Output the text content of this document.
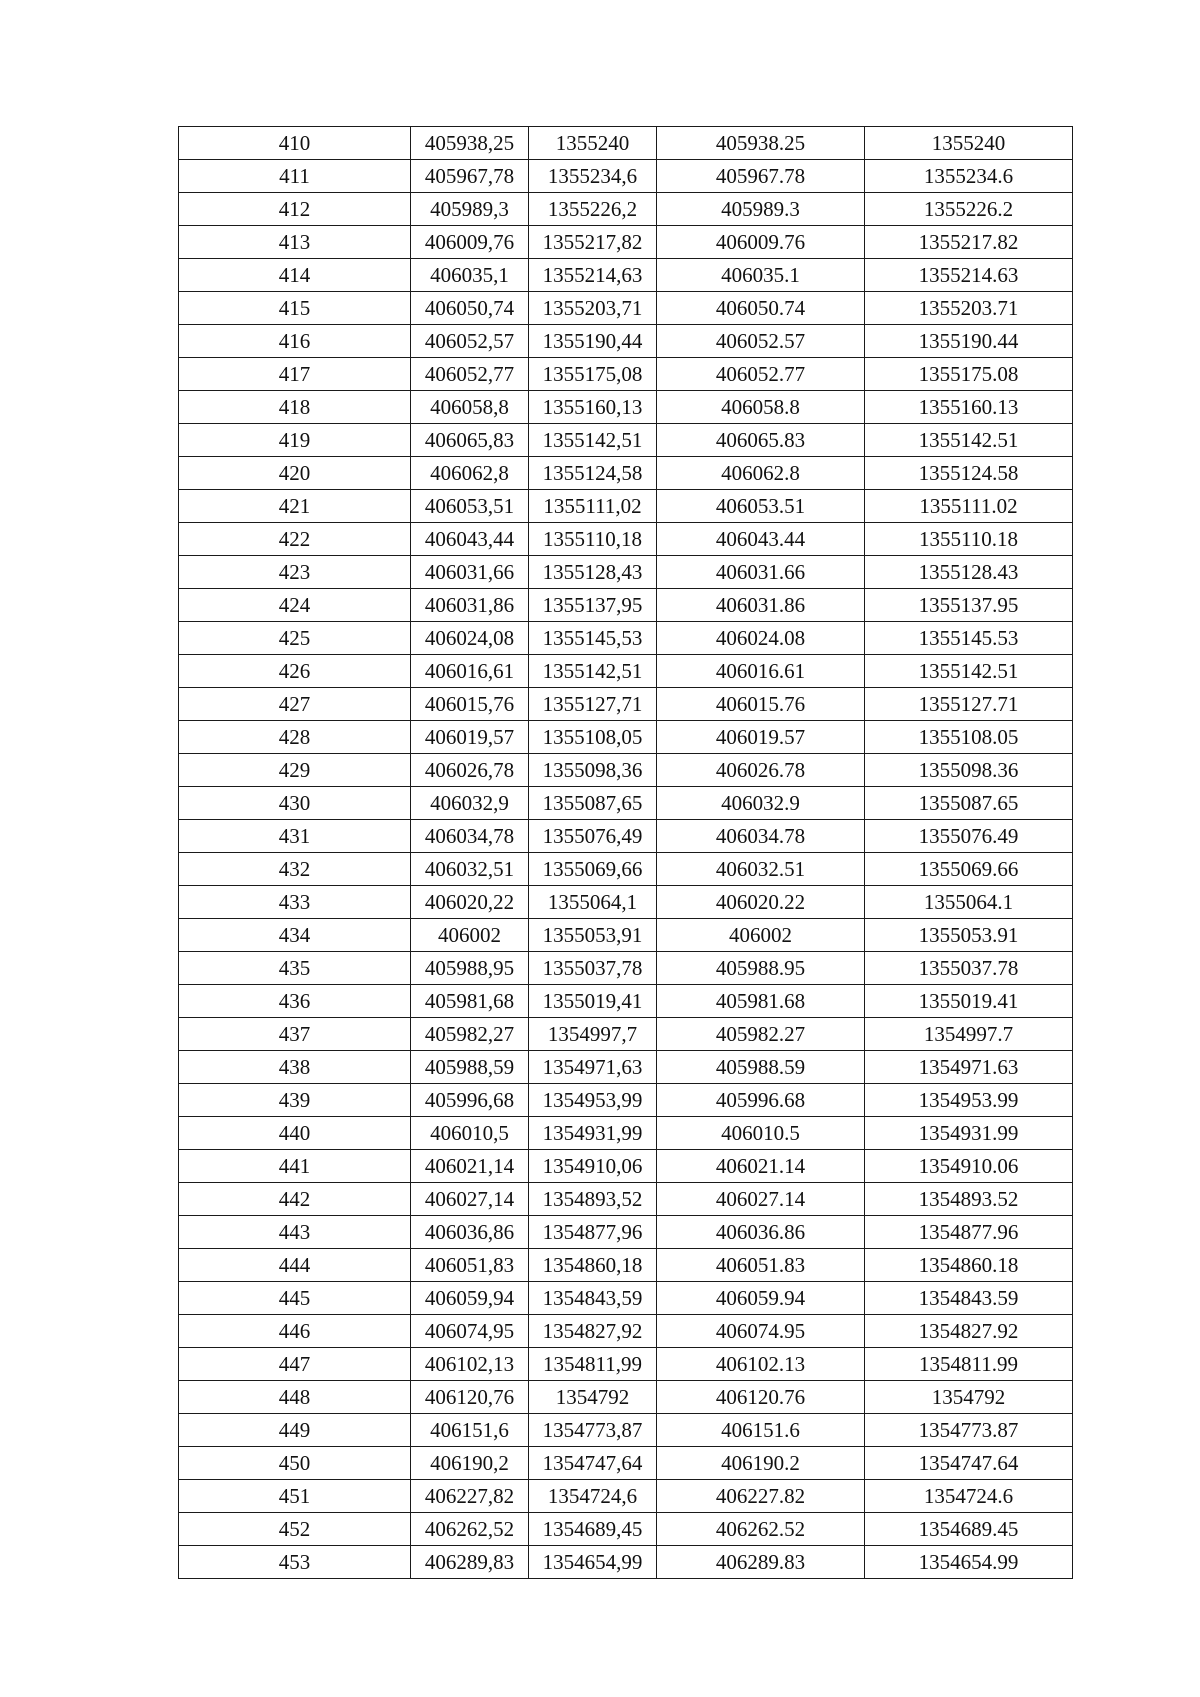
410	405938,25	1355240	405938.25	1355240
411	405967,78	1355234,6	405967.78	1355234.6
412	405989,3	1355226,2	405989.3	1355226.2
413	406009,76	1355217,82	406009.76	1355217.82
414	406035,1	1355214,63	406035.1	1355214.63
415	406050,74	1355203,71	406050.74	1355203.71
416	406052,57	1355190,44	406052.57	1355190.44
417	406052,77	1355175,08	406052.77	1355175.08
418	406058,8	1355160,13	406058.8	1355160.13
419	406065,83	1355142,51	406065.83	1355142.51
420	406062,8	1355124,58	406062.8	1355124.58
421	406053,51	1355111,02	406053.51	1355111.02
422	406043,44	1355110,18	406043.44	1355110.18
423	406031,66	1355128,43	406031.66	1355128.43
424	406031,86	1355137,95	406031.86	1355137.95
425	406024,08	1355145,53	406024.08	1355145.53
426	406016,61	1355142,51	406016.61	1355142.51
427	406015,76	1355127,71	406015.76	1355127.71
428	406019,57	1355108,05	406019.57	1355108.05
429	406026,78	1355098,36	406026.78	1355098.36
430	406032,9	1355087,65	406032.9	1355087.65
431	406034,78	1355076,49	406034.78	1355076.49
432	406032,51	1355069,66	406032.51	1355069.66
433	406020,22	1355064,1	406020.22	1355064.1
434	406002	1355053,91	406002	1355053.91
435	405988,95	1355037,78	405988.95	1355037.78
436	405981,68	1355019,41	405981.68	1355019.41
437	405982,27	1354997,7	405982.27	1354997.7
438	405988,59	1354971,63	405988.59	1354971.63
439	405996,68	1354953,99	405996.68	1354953.99
440	406010,5	1354931,99	406010.5	1354931.99
441	406021,14	1354910,06	406021.14	1354910.06
442	406027,14	1354893,52	406027.14	1354893.52
443	406036,86	1354877,96	406036.86	1354877.96
444	406051,83	1354860,18	406051.83	1354860.18
445	406059,94	1354843,59	406059.94	1354843.59
446	406074,95	1354827,92	406074.95	1354827.92
447	406102,13	1354811,99	406102.13	1354811.99
448	406120,76	1354792	406120.76	1354792
449	406151,6	1354773,87	406151.6	1354773.87
450	406190,2	1354747,64	406190.2	1354747.64
451	406227,82	1354724,6	406227.82	1354724.6
452	406262,52	1354689,45	406262.52	1354689.45
453	406289,83	1354654,99	406289.83	1354654.99
